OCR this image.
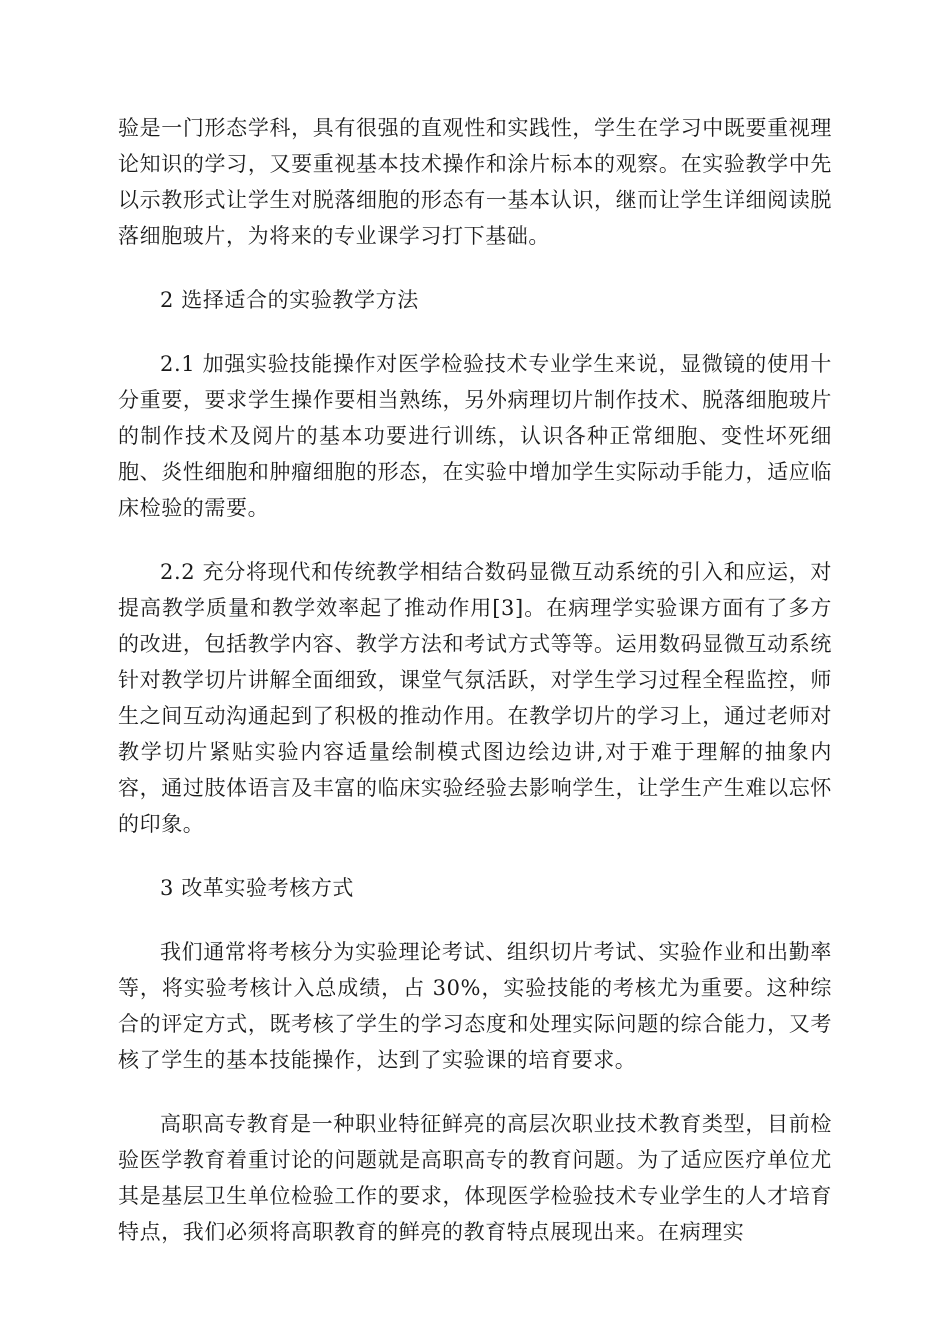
验是一门形态学科，具有很强的直观性和实践性，学生在学习中既要重视理论知识的学习，又要重视基本技术操作和涂片标本的观察。在实验教学中先以示教形式让学生对脱落细胞的形态有一基本认识，继而让学生详细阅读脱落细胞玻片，为将来的专业课学习打下基础。

2 选择适合的实验教学方法

2.1 加强实验技能操作对医学检验技术专业学生来说，显微镜的使用十分重要，要求学生操作要相当熟练，另外病理切片制作技术、脱落细胞玻片的制作技术及阅片的基本功要进行训练，认识各种正常细胞、变性坏死细胞、炎性细胞和肿瘤细胞的形态，在实验中增加学生实际动手能力，适应临床检验的需要。

2.2 充分将现代和传统教学相结合数码显微互动系统的引入和应运，对提高教学质量和教学效率起了推动作用[3]。在病理学实验课方面有了多方的改进，包括教学内容、教学方法和考试方式等等。运用数码显微互动系统针对教学切片讲解全面细致，课堂气氛活跃，对学生学习过程全程监控，师生之间互动沟通起到了积极的推动作用。在教学切片的学习上，通过老师对教学切片紧贴实验内容适量绘制模式图边绘边讲,对于难于理解的抽象内容，通过肢体语言及丰富的临床实验经验去影响学生，让学生产生难以忘怀的印象。

3 改革实验考核方式

我们通常将考核分为实验理论考试、组织切片考试、实验作业和出勤率等，将实验考核计入总成绩，占 30%，实验技能的考核尤为重要。这种综合的评定方式，既考核了学生的学习态度和处理实际问题的综合能力，又考核了学生的基本技能操作，达到了实验课的培育要求。

高职高专教育是一种职业特征鲜亮的高层次职业技术教育类型，目前检验医学教育着重讨论的问题就是高职高专的教育问题。为了适应医疗单位尤其是基层卫生单位检验工作的要求，体现医学检验技术专业学生的人才培育特点，我们必须将高职教育的鲜亮的教育特点展现出来。在病理实
